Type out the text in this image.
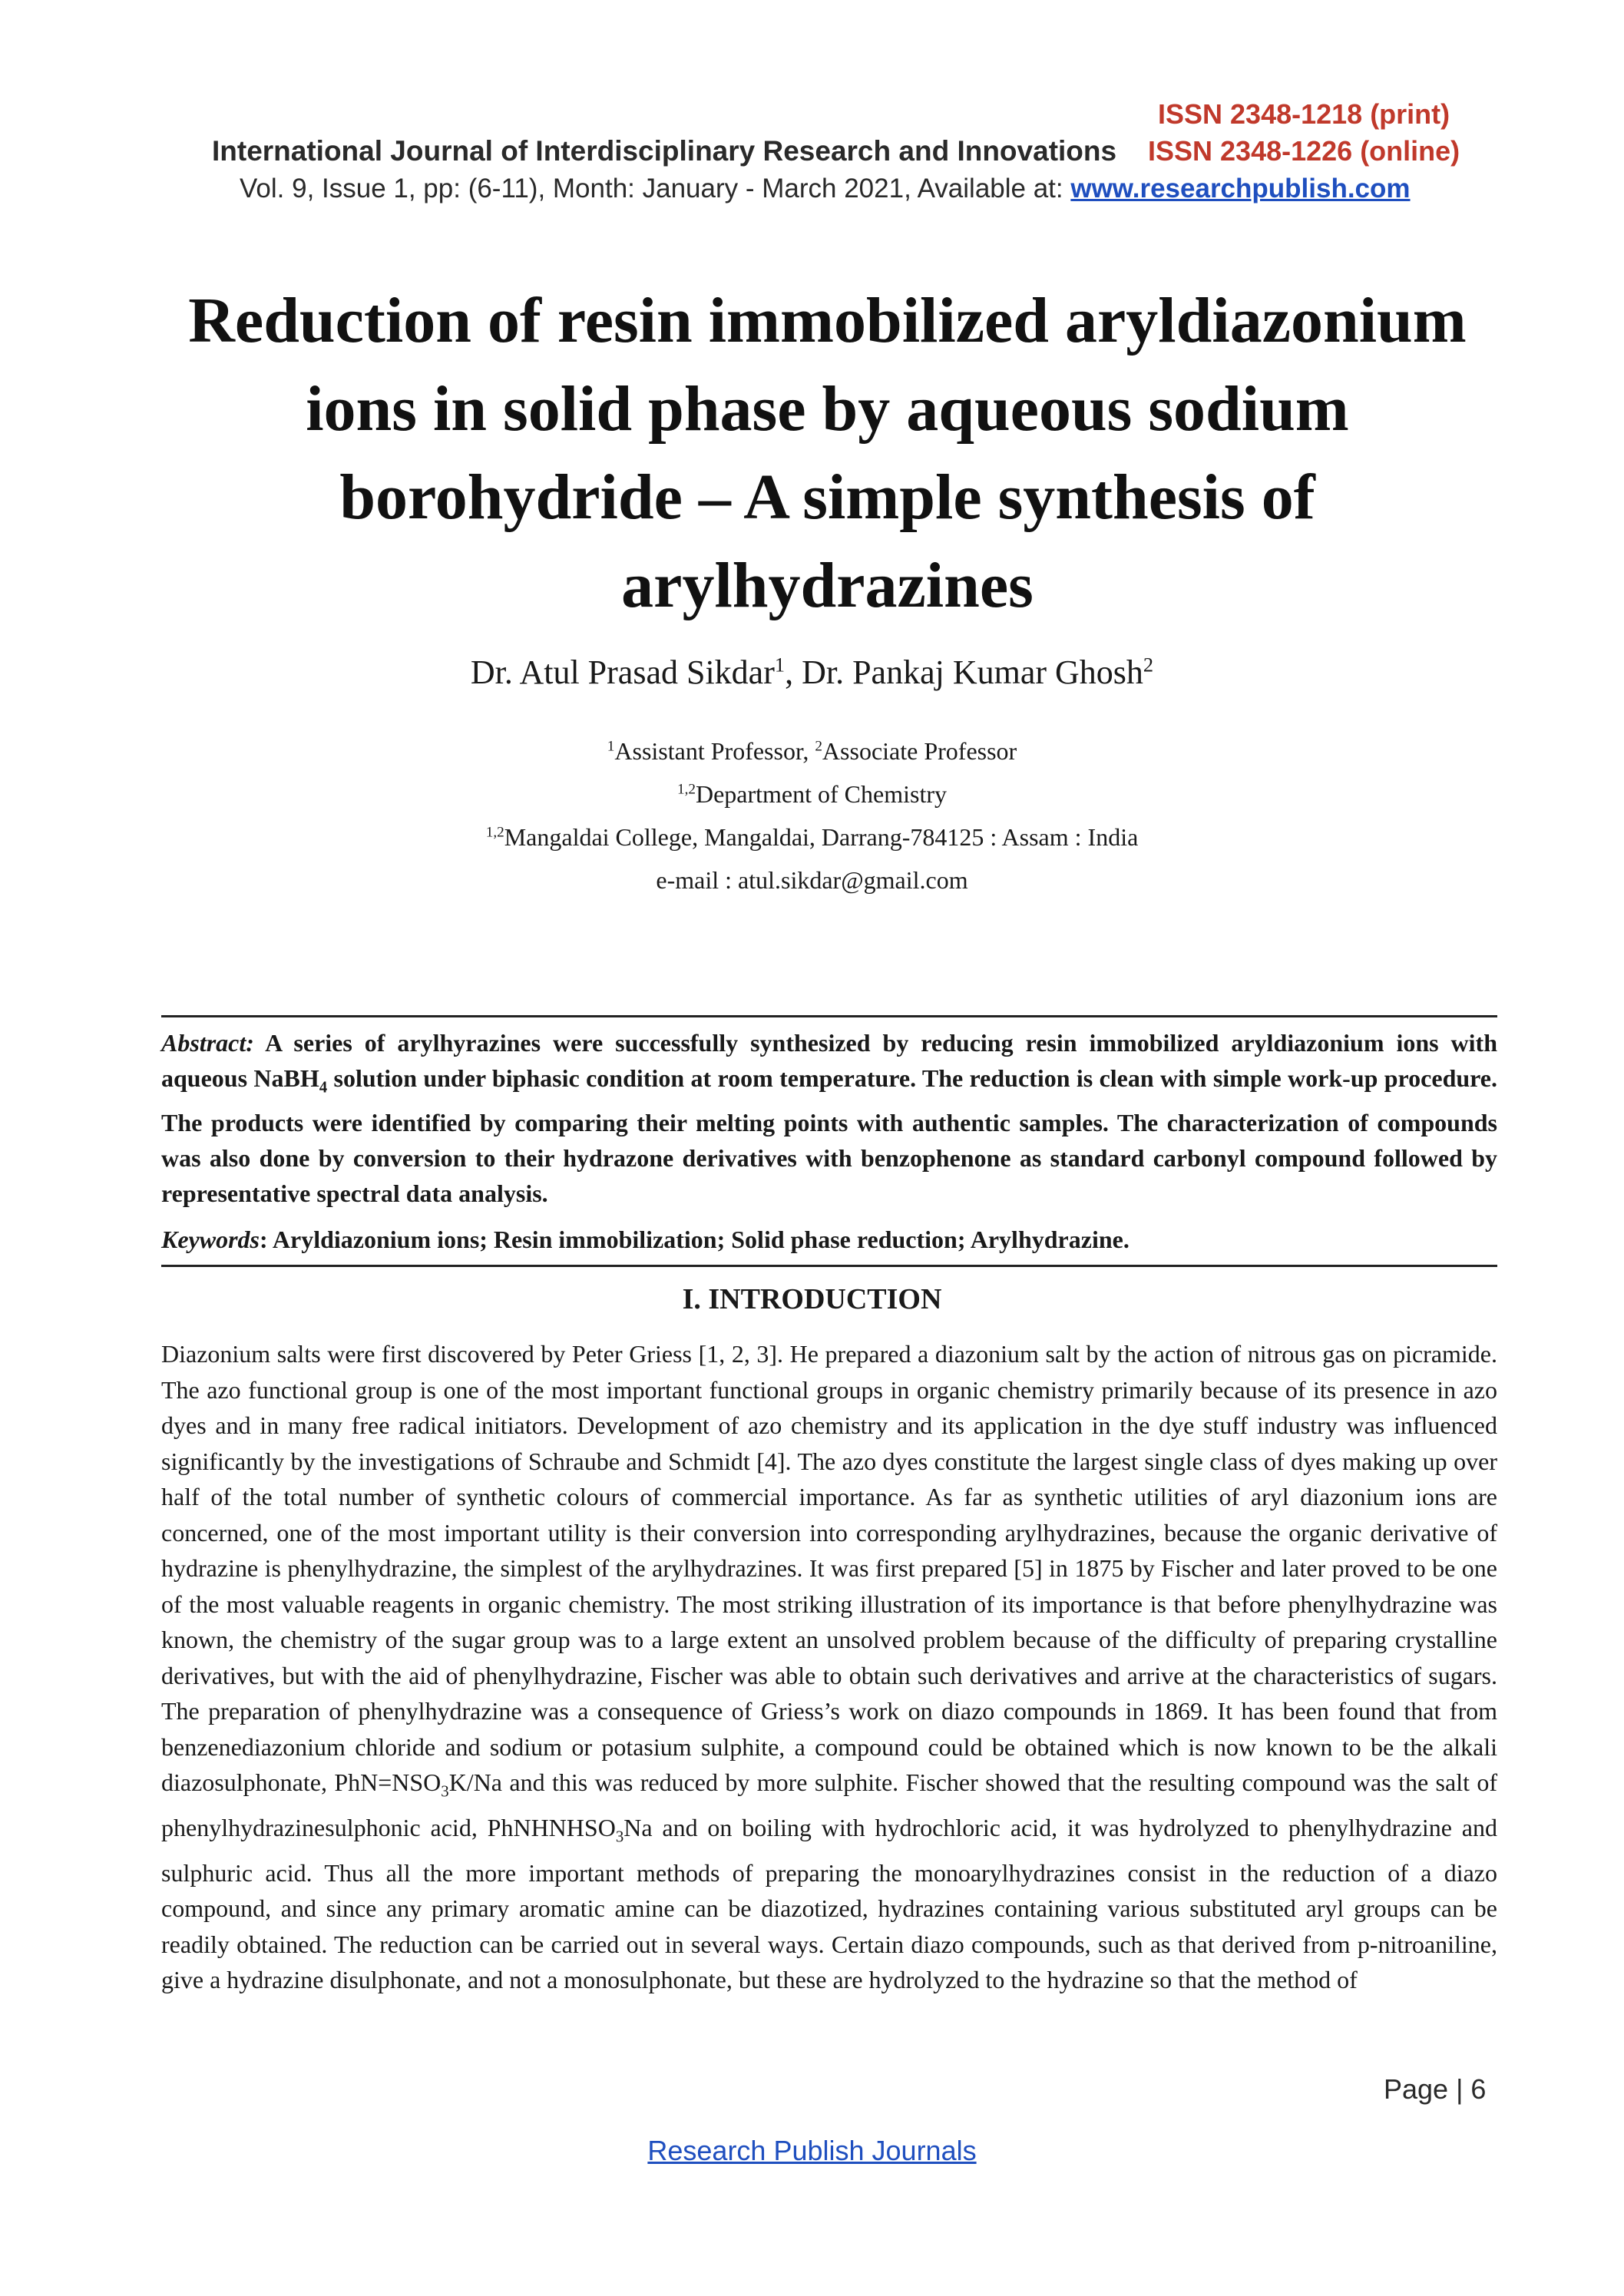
ISSN 2348-1218 (print)
International Journal of Interdisciplinary Research and Innovations ISSN 2348-1226 (online)
Vol. 9, Issue 1, pp: (6-11), Month: January - March 2021, Available at: www.researchpublish.com
Reduction of resin immobilized aryldiazonium ions in solid phase by aqueous sodium borohydride – A simple synthesis of arylhydrazines
Dr. Atul Prasad Sikdar$^1$, Dr. Pankaj Kumar Ghosh$^2$
$^1$Assistant Professor, $^2$Associate Professor
$^{1,2}$Department of Chemistry
$^{1,2}$Mangaldai College, Mangaldai, Darrang-784125 : Assam : India
e-mail : atul.sikdar@gmail.com

Abstract: A series of arylhyrazines were successfully synthesized by reducing resin immobilized aryldiazonium ions with aqueous NaBH$_4$ solution under biphasic condition at room temperature. The reduction is clean with simple work-up procedure. The products were identified by comparing their melting points with authentic samples. The characterization of compounds was also done by conversion to their hydrazone derivatives with benzophenone as standard carbonyl compound followed by representative spectral data analysis.

Keywords: Aryldiazonium ions; Resin immobilization; Solid phase reduction; Arylhydrazine.

I. INTRODUCTION

Diazonium salts were first discovered by Peter Griess [1, 2, 3]. He prepared a diazonium salt by the action of nitrous gas on picramide. The azo functional group is one of the most important functional groups in organic chemistry primarily because of its presence in azo dyes and in many free radical initiators. Development of azo chemistry and its application in the dye stuff industry was influenced significantly by the investigations of Schraube and Schmidt [4]. The azo dyes constitute the largest single class of dyes making up over half of the total number of synthetic colours of commercial importance. As far as synthetic utilities of aryl diazonium ions are concerned, one of the most important utility is their conversion into corresponding arylhydrazines, because the organic derivative of hydrazine is phenylhydrazine, the simplest of the arylhydrazines. It was first prepared [5] in 1875 by Fischer and later proved to be one of the most valuable reagents in organic chemistry. The most striking illustration of its importance is that before phenylhydrazine was known, the chemistry of the sugar group was to a large extent an unsolved problem because of the difficulty of preparing crystalline derivatives, but with the aid of phenylhydrazine, Fischer was able to obtain such derivatives and arrive at the characteristics of sugars. The preparation of phenylhydrazine was a consequence of Griess’s work on diazo compounds in 1869. It has been found that from benzenediazonium chloride and sodium or potasium sulphite, a compound could be obtained which is now known to be the alkali diazosulphonate, $PhN=NSO_3K/Na$ and this was reduced by more sulphite. Fischer showed that the resulting compound was the salt of phenylhydrazinesulphonic acid, PhNHNHSO$_3$Na and on boiling with hydrochloric acid, it was hydrolyzed to phenylhydrazine and sulphuric acid. Thus all the more important methods of preparing the monoarylhydrazines consist in the reduction of a diazo compound, and since any primary aromatic amine can be diazotized, hydrazines containing various substituted aryl groups can be readily obtained. The reduction can be carried out in several ways. Certain diazo compounds, such as that derived from p-nitroaniline, give a hydrazine disulphonate, and not a monosulphonate, but these are hydrolyzed to the hydrazine so that the method of

Page | 6
Research Publish Journals
